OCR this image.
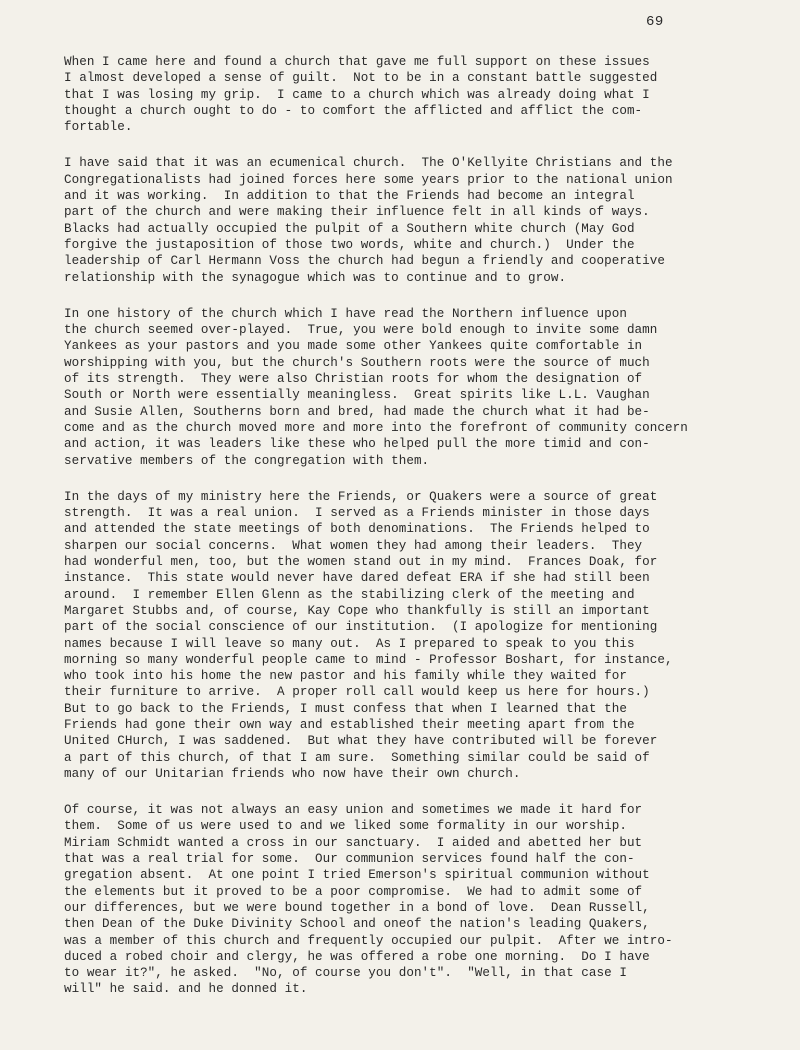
69
When I came here and found a church that gave me full support on these issues
I almost developed a sense of guilt.  Not to be in a constant battle suggested
that I was losing my grip.  I came to a church which was already doing what I
thought a church ought to do - to comfort the afflicted and afflict the com-
fortable.
I have said that it was an ecumenical church.  The O'Kellyite Christians and the
Congregationalists had joined forces here some years prior to the national union
and it was working.  In addition to that the Friends had become an integral
part of the church and were making their influence felt in all kinds of ways.
Blacks had actually occupied the pulpit of a Southern white church (May God
forgive the justaposition of those two words, white and church.)  Under the
leadership of Carl Hermann Voss the church had begun a friendly and cooperative
relationship with the synagogue which was to continue and to grow.
In one history of the church which I have read the Northern influence upon
the church seemed over-played.  True, you were bold enough to invite some damn
Yankees as your pastors and you made some other Yankees quite comfortable in
worshipping with you, but the church's Southern roots were the source of much
of its strength.  They were also Christian roots for whom the designation of
South or North were essentially meaningless.  Great spirits like L.L. Vaughan
and Susie Allen, Southerns born and bred, had made the church what it had be-
come and as the church moved more and more into the forefront of community concern
and action, it was leaders like these who helped pull the more timid and con-
servative members of the congregation with them.
In the days of my ministry here the Friends, or Quakers were a source of great
strength.  It was a real union.  I served as a Friends minister in those days
and attended the state meetings of both denominations.  The Friends helped to
sharpen our social concerns.  What women they had among their leaders.  They
had wonderful men, too, but the women stand out in my mind.  Frances Doak, for
instance.  This state would never have dared defeat ERA if she had still been
around.  I remember Ellen Glenn as the stabilizing clerk of the meeting and
Margaret Stubbs and, of course, Kay Cope who thankfully is still an important
part of the social conscience of our institution.  (I apologize for mentioning
names because I will leave so many out.  As I prepared to speak to you this
morning so many wonderful people came to mind - Professor Boshart, for instance,
who took into his home the new pastor and his family while they waited for
their furniture to arrive.  A proper roll call would keep us here for hours.)
But to go back to the Friends, I must confess that when I learned that the
Friends had gone their own way and established their meeting apart from the
United CHurch, I was saddened.  But what they have contributed will be forever
a part of this church, of that I am sure.  Something similar could be said of
many of our Unitarian friends who now have their own church.
Of course, it was not always an easy union and sometimes we made it hard for
them.  Some of us were used to and we liked some formality in our worship.
Miriam Schmidt wanted a cross in our sanctuary.  I aided and abetted her but
that was a real trial for some.  Our communion services found half the con-
gregation absent.  At one point I tried Emerson's spiritual communion without
the elements but it proved to be a poor compromise.  We had to admit some of
our differences, but we were bound together in a bond of love.  Dean Russell,
then Dean of the Duke Divinity School and oneof the nation's leading Quakers,
was a member of this church and frequently occupied our pulpit.  After we intro-
duced a robed choir and clergy, he was offered a robe one morning.  Do I have
to wear it?", he asked.  "No, of course you don't".  "Well, in that case I
will" he said. and he donned it.
